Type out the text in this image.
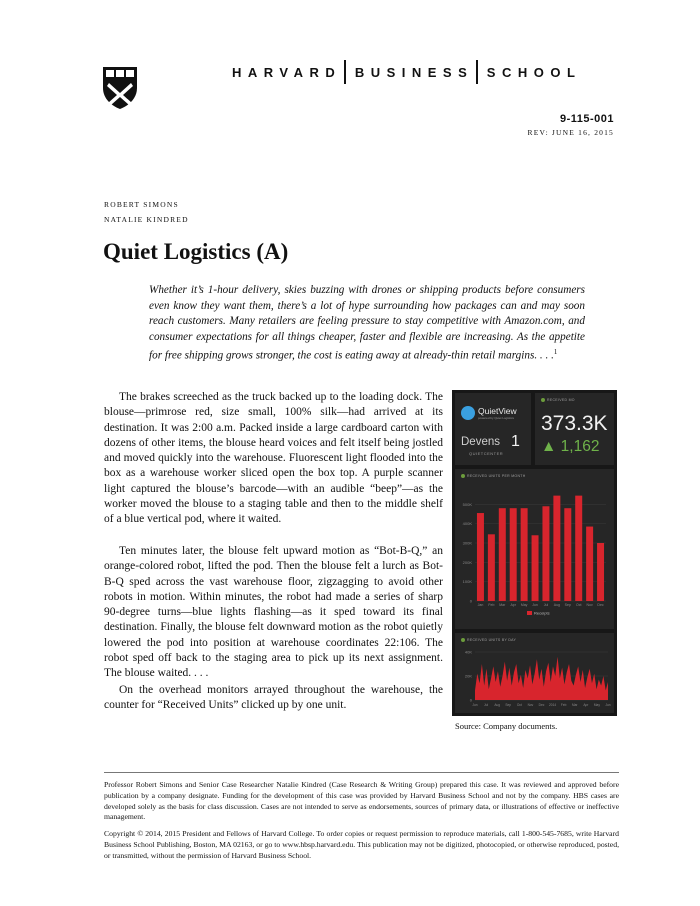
HARVARD BUSINESS SCHOOL
9-115-001
REV: JUNE 16, 2015
ROBERT SIMONS
NATALIE KINDRED
Quiet Logistics (A)

Whether it’s 1-hour delivery, skies buzzing with drones or shipping products before consumers even know they want them, there’s a lot of hype surrounding how packages can and may soon reach customers. Many retailers are feeling pressure to stay competitive with Amazon.com, and consumer expectations for all things cheaper, faster and flexible are increasing. As the appetite for free shipping grows stronger, the cost is eating away at already-thin retail margins. . . .$^1$

The brakes screeched as the truck backed up to the loading dock. The blouse—primrose red, size small, 100% silk—had arrived at its destination. It was 2:00 a.m. Packed inside a large cardboard carton with dozens of other items, the blouse heard voices and felt itself being jostled and moved quickly into the warehouse. Fluorescent light flooded into the box as a warehouse worker sliced open the box top. A purple scanner light captured the blouse’s barcode—with an audible “beep”—as the worker moved the blouse to a staging table and then to the middle shelf of a blue vertical pod, where it waited.

Ten minutes later, the blouse felt upward motion as “Bot-B-Q,” an orange-colored robot, lifted the pod. Then the blouse felt a lurch as Bot-B-Q sped across the vast warehouse floor, zigzagging to avoid other robots in motion. Within minutes, the robot had made a series of sharp 90-degree turns—blue lights flashing—as it sped toward its final destination. Finally, the blouse felt downward motion as the robot quietly lowered the pod into position at warehouse coordinates 22:106. The robot sped off back to the staging area to pick up its next assignment. The blouse waited. . . .

On the overhead monitors arrayed throughout the warehouse, the counter for “Received Units” clicked up by one unit.

QuietView
powered by Quiet Logistics
Devens 1
QUIETCENTER
RECEIVED MO
373.3K
▲ 1,162
RECEIVED UNITS PER MONTH
0
100K
200K
300K
400K
500K
Jan Feb Mar Apr May Jun Jul Aug Sep Oct Nov Dec
Receipts
RECEIVED UNITS BY DAY
0
20K
40K
Jun Jul Aug Sep Oct Nov Dec 2014 Feb Mar Apr May Jun
Source: Company documents.

Professor Robert Simons and Senior Case Researcher Natalie Kindred (Case Research & Writing Group) prepared this case. It was reviewed and approved before publication by a company designate. Funding for the development of this case was provided by Harvard Business School and not by the company. HBS cases are developed solely as the basis for class discussion. Cases are not intended to serve as endorsements, sources of primary data, or illustrations of effective or ineffective management.

Copyright © 2014, 2015 President and Fellows of Harvard College. To order copies or request permission to reproduce materials, call 1-800-545-7685, write Harvard Business School Publishing, Boston, MA 02163, or go to www.hbsp.harvard.edu. This publication may not be digitized, photocopied, or otherwise reproduced, posted, or transmitted, without the permission of Harvard Business School.
